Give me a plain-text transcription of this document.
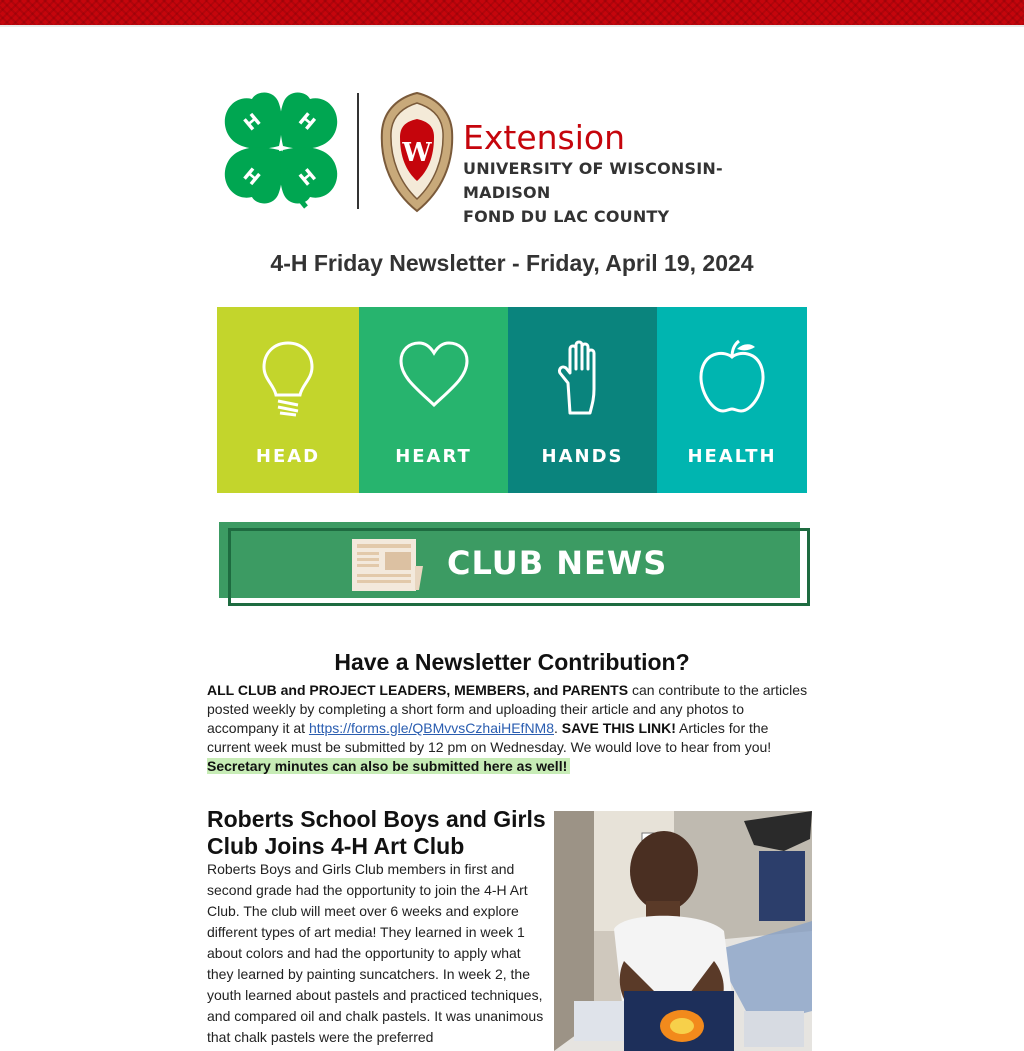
H H
H H
W Extension
UNIVERSITY OF WISCONSIN-MADISON
FOND DU LAC COUNTY
4-H Friday Newsletter - Friday, April 19, 2024
HEAD	HEART	HANDS	HEALTH
CLUB NEWS
Have a Newsletter Contribution?
ALL CLUB and PROJECT LEADERS, MEMBERS, and PARENTS can contribute to the articles posted weekly by completing a short form and uploading their article and any photos to accompany it at https://forms.gle/QBMvvsCzhaiHEfNM8. SAVE THIS LINK! Articles for the current week must be submitted by 12 pm on Wednesday. We would love to hear from you!
Secretary minutes can also be submitted here as well!
Roberts School Boys and Girls Club Joins 4-H Art Club
Roberts Boys and Girls Club members in first and second grade had the opportunity to join the 4-H Art Club. The club will meet over 6 weeks and explore different types of art media! They learned in week 1 about colors and had the opportunity to apply what they learned by painting suncatchers. In week 2, the youth learned about pastels and practiced techniques, and compared oil and chalk pastels. It was unanimous that chalk pastels were the preferred
